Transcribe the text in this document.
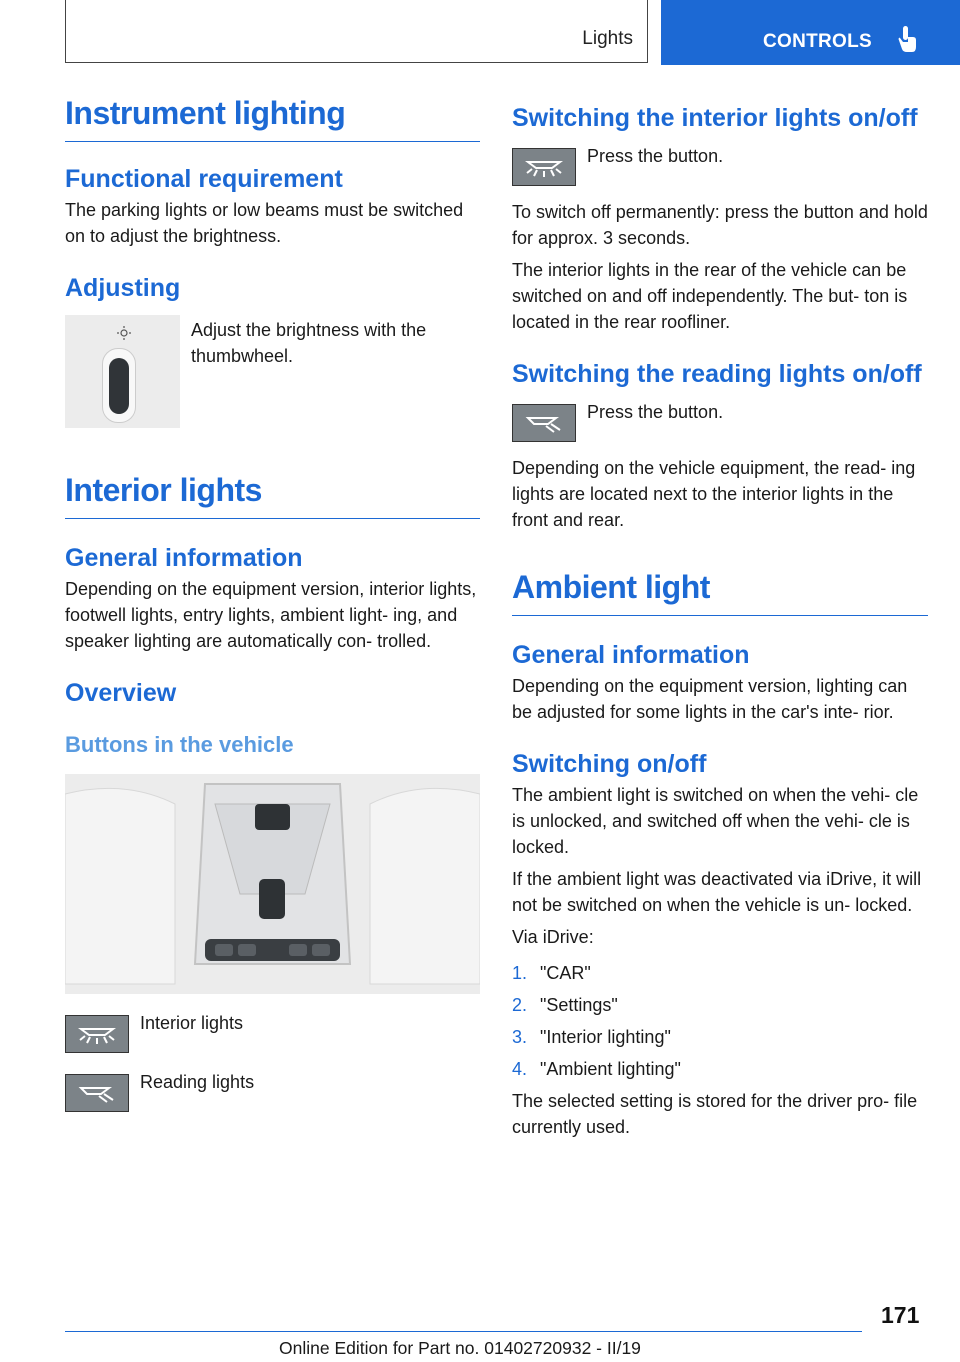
Lights	CONTROLS
Instrument lighting
Functional requirement

The parking lights or low beams must be switched on to adjust the brightness.

Adjusting

Adjust the brightness with the thumbwheel.

Interior lights
General information

Depending on the equipment version, interior lights, footwell lights, entry lights, ambient light- ing, and speaker lighting are automatically con- trolled.

Overview
Buttons in the vehicle

Interior lights

Reading lights

Switching the interior lights on/off

Press the button.

To switch off permanently: press the button and hold for approx. 3 seconds.

The interior lights in the rear of the vehicle can be switched on and off independently. The but- ton is located in the rear roofliner.

Switching the reading lights on/off

Press the button.

Depending on the vehicle equipment, the read- ing lights are located next to the interior lights in the front and rear.

Ambient light
General information

Depending on the equipment version, lighting can be adjusted for some lights in the car's inte- rior.

Switching on/off

The ambient light is switched on when the vehi- cle is unlocked, and switched off when the vehi- cle is locked.

If the ambient light was deactivated via iDrive, it will not be switched on when the vehicle is un- locked.

Via iDrive:

1. "CAR"
2. "Settings"
3. "Interior lighting"
4. "Ambient lighting"

The selected setting is stored for the driver pro- file currently used.

171
Online Edition for Part no. 01402720932 - II/19
